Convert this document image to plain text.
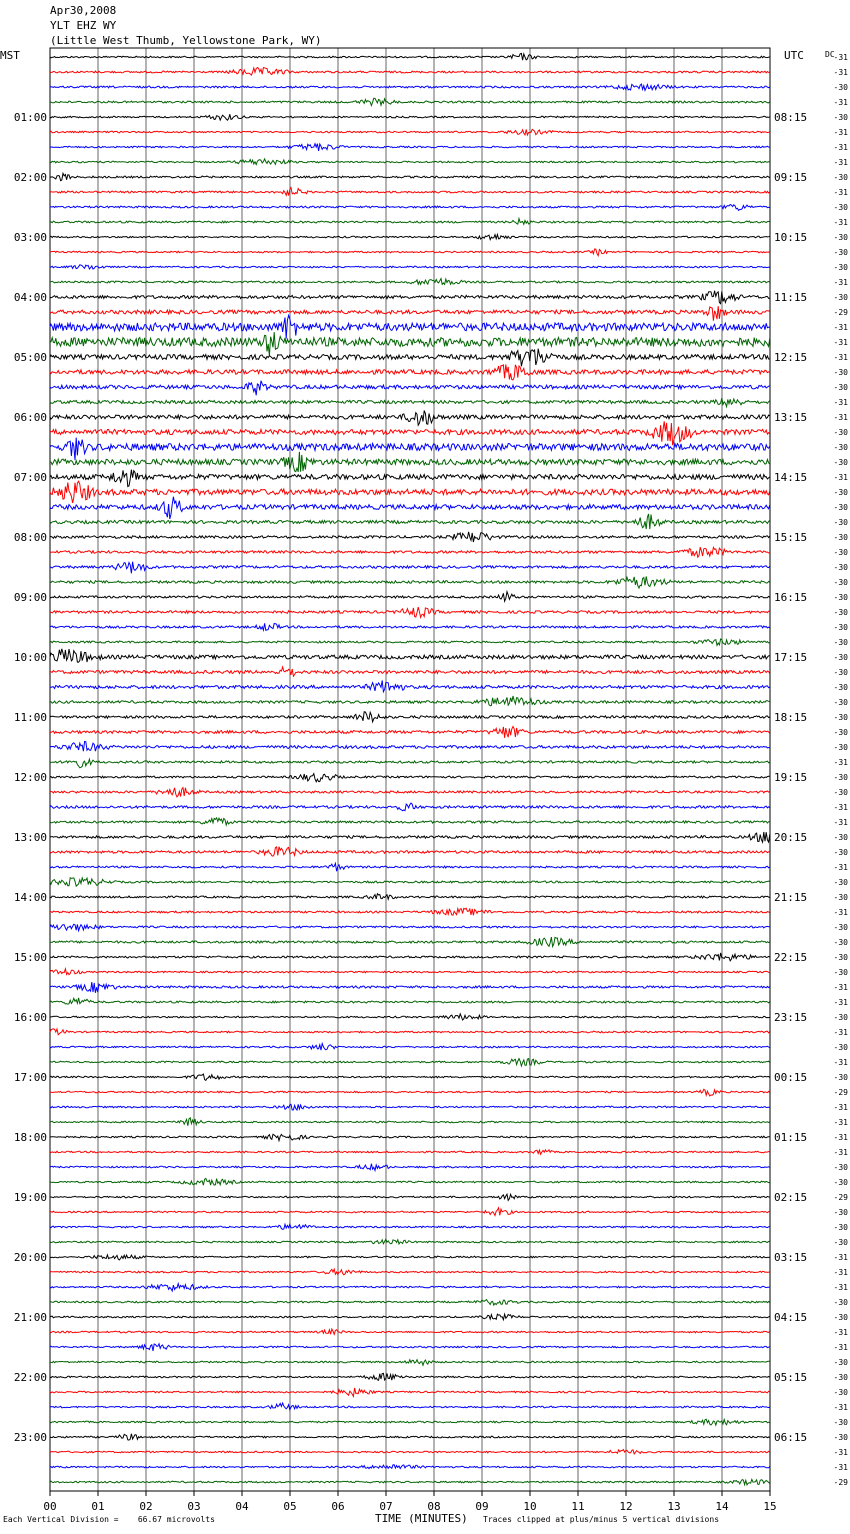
Apr30,2008
YLT EHZ WY
(Little West Thumb, Yellowstone Park, WY)
MST	UTC	DC
01:00	08:15
02:00	09:15
03:00	10:15
04:00	11:15
05:00	12:15
06:00	13:15
07:00	14:15
08:00	15:15
09:00	16:15
10:00	17:15
11:00	18:15
12:00	19:15
13:00	20:15
14:00	21:15
15:00	22:15
16:00	23:15
17:00	00:15
18:00	01:15
19:00	02:15
20:00	03:15
21:00	04:15
22:00	05:15
23:00	06:15
-31
-31
-30
-31
-30
-31
-31
-31
-30
-31
-30
-31
-30
-30
-30
-31
-30
-29
-31
-31
-31
-30
-30
-31
-31
-30
-30
-30
-31
-30
-30
-30
-30
-30
-30
-30
-30
-30
-30
-30
-30
-30
-30
-30
-30
-30
-30
-31
-30
-30
-31
-31
-30
-30
-31
-30
-30
-31
-30
-30
-30
-30
-31
-31
-30
-31
-30
-31
-30
-29
-31
-31
-31
-31
-30
-30
-29
-30
-30
-30
-31
-31
-31
-30
-30
-31
-31
-30
-30
-30
-31
-30
-30
-31
-31
-29
00	01	02	03	04	05	06	07	08	09	10	11	12	13	14	15
Each Vertical Division =    66.67 microvolts	TIME (MINUTES) Traces clipped at plus/minus 5 vertical divisions
